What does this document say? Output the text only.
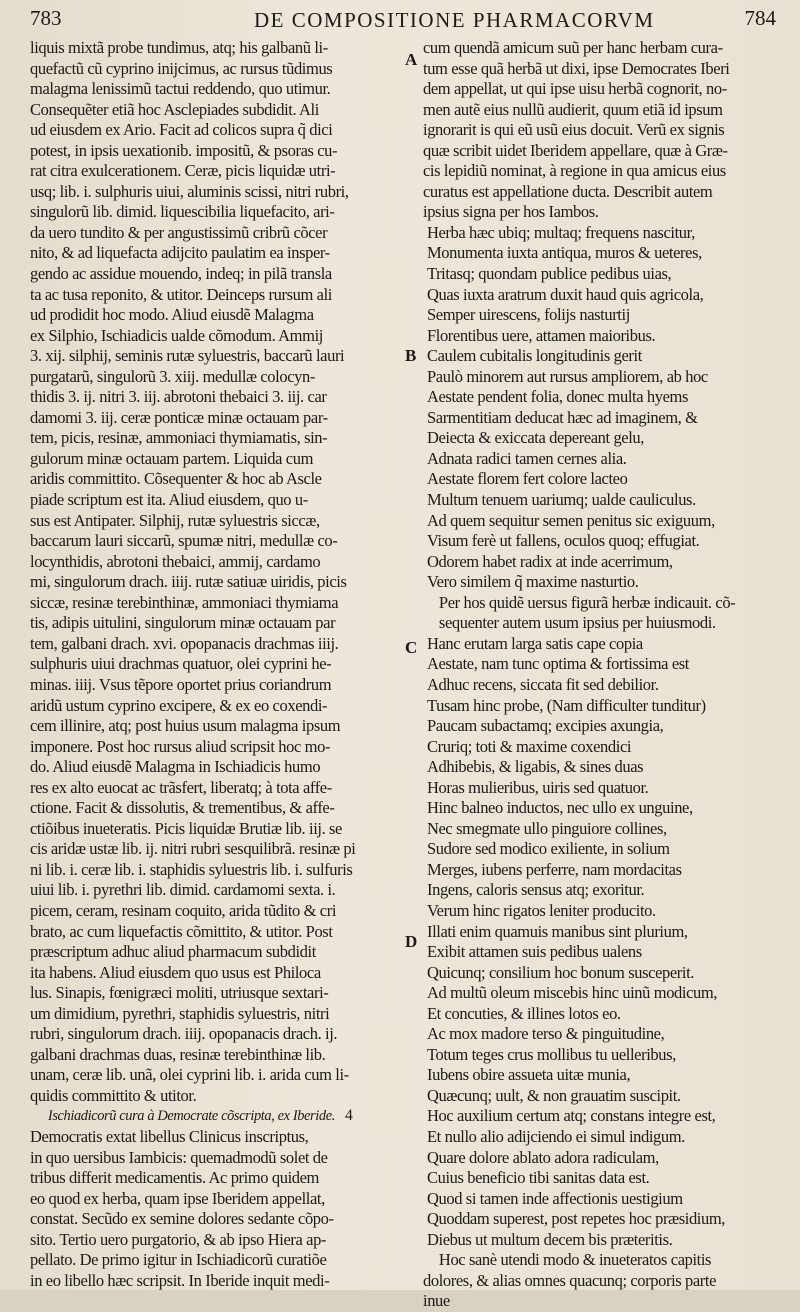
783	DE COMPOSITIONE PHARMACORVM	784
liquis mixtã probe tundimus, atq; his galbanũ li-
quefactũ cũ cyprino inijcimus, ac rursus tũdimus
malagma lenissimũ tactui reddendo, quo utimur.
Consequẽter etiã hoc Asclepiades subdidit. Ali
ud eiusdem ex Ario. Facit ad colicos supra q̃ dici
potest, in ipsis uexationib. impositũ, & psoras cu-
rat citra exulcerationem. Ceræ, picis liquidæ utri-
usq; lib. i. sulphuris uiui, aluminis scissi, nitri rubri,
singulorũ lib. dimid. liquescibilia liquefacito, ari-
da uero tundito & per angustissimũ cribrũ cõcer
nito, & ad liquefacta adijcito paulatim ea insper-
gendo ac assidue mouendo, indeq; in pilã transla
ta ac tusa reponito, & utitor. Deinceps rursum ali
ud prodidit hoc modo. Aliud eiusdẽ Malagma
ex Silphio, Ischiadicis ualde cõmodum. Ammij
3. xij. silphij, seminis rutæ syluestris, baccarũ lauri
purgatarũ, singulorũ 3. xiij. medullæ colocyn-
thidis 3. ij. nitri 3. iij. abrotoni thebaici 3. iij. car
damomi 3. iij. ceræ ponticæ minæ octauam par-
tem, picis, resinæ, ammoniaci thymiamatis, sin-
gulorum minæ octauam partem. Liquida cum
aridis committito. Cõsequenter & hoc ab Ascle
piade scriptum est ita. Aliud eiusdem, quo u-
sus est Antipater. Silphij, rutæ syluestris siccæ,
baccarum lauri siccarũ, spumæ nitri, medullæ co-
locynthidis, abrotoni thebaici, ammij, cardamo
mi, singulorum drach. iiij. rutæ satiuæ uiridis, picis
siccæ, resinæ terebinthinæ, ammoniaci thymiama
tis, adipis uitulini, singulorum minæ octauam par
tem, galbani drach. xvi. opopanacis drachmas iiij.
sulphuris uiui drachmas quatuor, olei cyprini he-
minas. iiij. Vsus tẽpore oportet prius coriandrum
aridũ ustum cyprino excipere, & ex eo coxendi-
cem illinire, atq; post huius usum malagma ipsum
imponere. Post hoc rursus aliud scripsit hoc mo-
do. Aliud eiusdẽ Malagma in Ischiadicis humo
res ex alto euocat ac trãsfert, liberatq; à tota affe-
ctione. Facit & dissolutis, & trementibus, & affe-
ctiõibus inueteratis. Picis liquidæ Brutiæ lib. iij. se
cis aridæ ustæ lib. ij. nitri rubri sesquilibrã. resinæ pi
ni lib. i. ceræ lib. i. staphidis syluestris lib. i. sulfuris
uiui lib. i. pyrethri lib. dimid. cardamomi sexta. i.
picem, ceram, resinam coquito, arida tũdito & cri
brato, ac cum liquefactis cõmittito, & utitor. Post
præscriptum adhuc aliud pharmacum subdidit
ita habens. Aliud eiusdem quo usus est Philoca
lus. Sinapis, fœnigræci moliti, utriusque sextari-
um dimidium, pyrethri, staphidis syluestris, nitri
rubri, singulorum drach. iiij. opopanacis drach. ij.
galbani drachmas duas, resinæ terebinthinæ lib.
unam, ceræ lib. unã, olei cyprini lib. i. arida cum li-
quidis committito & utitor.
Ischiadicorũ cura à Democrate cõscripta, ex Iberide. 4
Democratis extat libellus Clinicus inscriptus,
in quo uersibus Iambicis: quemadmodũ solet de
tribus differit medicamentis. Ac primo quidem
eo quod ex herba, quam ipse Iberidem appellat,
constat. Secũdo ex semine dolores sedante cõpo-
sito. Tertio uero purgatorio, & ab ipso Hiera ap-
pellato. De primo igitur in Ischiadicorũ curatiõe
in eo libello hæc scripsit. In Iberide inquit medi-
cum quendã amicum suũ per hanc herbam cura-
tum esse quã herbã ut dixi, ipse Democrates Iberi
dem appellat, ut qui ipse uisu herbã cognorit, no-
men autẽ eius nullũ audierit, quum etiã id ipsum
ignorarit is qui eũ usũ eius docuit. Verũ ex signis
quæ scribit uidet Iberidem appellare, quæ à Græ-
cis lepidiũ nominat, à regione in qua amicus eius
curatus est appellatione ducta. Describit autem
ipsius signa per hos Iambos.
Herba hæc ubiq; multaq; frequens nascitur,
Monumenta iuxta antiqua, muros & ueteres,
Tritasq; quondam publice pedibus uias,
Quas iuxta aratrum duxit haud quis agricola,
Semper uirescens, folijs nasturtij
Florentibus uere, attamen maioribus.
Caulem cubitalis longitudinis gerit
Paulò minorem aut rursus ampliorem, ab hoc
Aestate pendent folia, donec multa hyems
Sarmentitiam deducat hæc ad imaginem, &
Deiecta & exiccata depereant gelu,
Adnata radici tamen cernes alia.
Aestate florem fert colore lacteo
Multum tenuem uariumq; ualde cauliculus.
Ad quem sequitur semen penitus sic exiguum,
Visum ferè ut fallens, oculos quoq; effugiat.
Odorem habet radix at inde acerrimum,
Vero similem q̃ maxime nasturtio.
Per hos quidẽ uersus figurã herbæ indicauit. cõ-
sequenter autem usum ipsius per huiusmodi.
Hanc erutam larga satis cape copia
Aestate, nam tunc optima & fortissima est
Adhuc recens, siccata fit sed debilior.
Tusam hinc probe, (Nam difficulter tunditur)
Paucam subactamq; excipies axungia,
Cruriq; toti & maxime coxendici
Adhibebis, & ligabis, & sines duas
Horas mulieribus, uiris sed quatuor.
Hinc balneo inductos, nec ullo ex unguine,
Nec smegmate ullo pinguiore collines,
Sudore sed modico exiliente, in solium
Merges, iubens perferre, nam mordacitas
Ingens, caloris sensus atq; exoritur.
Verum hinc rigatos leniter producito.
Illati enim quamuis manibus sint plurium,
Exibit attamen suis pedibus ualens
Quicunq; consilium hoc bonum susceperit.
Ad multũ oleum miscebis hinc uinũ modicum,
Et concuties, & illines lotos eo.
Ac mox madore terso & pinguitudine,
Totum teges crus mollibus tu uelleribus,
Iubens obire assueta uitæ munia,
Quæcunq; uult, & non grauatim suscipit.
Hoc auxilium certum atq; constans integre est,
Et nullo alio adijciendo ei simul indigum.
Quare dolore ablato adora radiculam,
Cuius beneficio tibi sanitas data est.
Quod si tamen inde affectionis uestigium
Quoddam superest, post repetes hoc præsidium,
Diebus ut multum decem bis præteritis.
Hoc sanè utendi modo & inueteratos capitis
dolores, & alias omnes quacunq; corporis parte
inue
A
B
C
D
